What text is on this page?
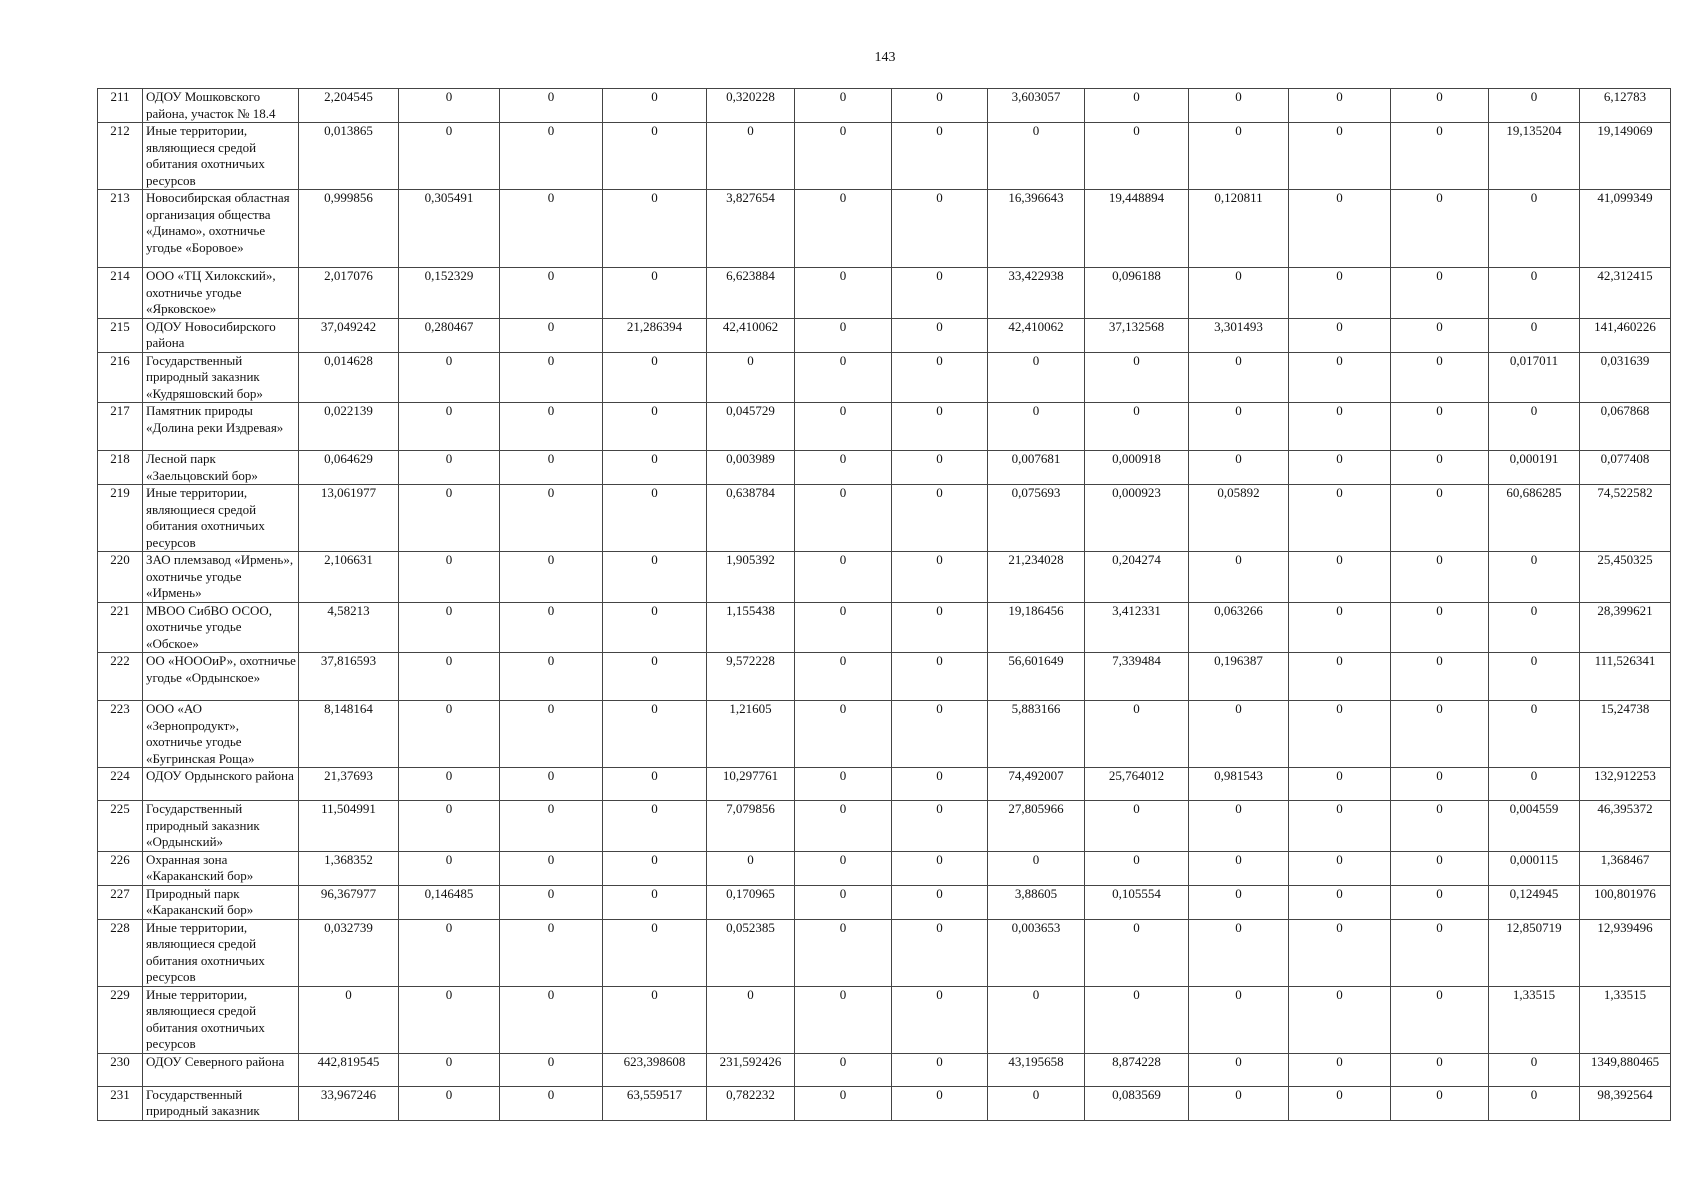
143
211	ОДОУ Мошковского района, участок № 18.4	2,204545	0	0	0	0,320228	0	0	3,603057	0	0	0	0	0	6,12783
212	Иные территории, являющиеся средой обитания охотничьих ресурсов	0,013865	0	0	0	0	0	0	0	0	0	0	0	19,135204	19,149069
213	Новосибирская областная организация общества «Динамо», охотничье угодье «Боровое»	0,999856	0,305491	0	0	3,827654	0	0	16,396643	19,448894	0,120811	0	0	0	41,099349
214	ООО «ТЦ Хилокский», охотничье угодье «Ярковское»	2,017076	0,152329	0	0	6,623884	0	0	33,422938	0,096188	0	0	0	0	42,312415
215	ОДОУ Новосибирского района	37,049242	0,280467	0	21,286394	42,410062	0	0	42,410062	37,132568	3,301493	0	0	0	141,460226
216	Государственный природный заказник «Кудряшовский бор»	0,014628	0	0	0	0	0	0	0	0	0	0	0	0,017011	0,031639
217	Памятник природы «Долина реки Издревая»	0,022139	0	0	0	0,045729	0	0	0	0	0	0	0	0	0,067868
218	Лесной парк «Заельцовский бор»	0,064629	0	0	0	0,003989	0	0	0,007681	0,000918	0	0	0	0,000191	0,077408
219	Иные территории, являющиеся средой обитания охотничьих ресурсов	13,061977	0	0	0	0,638784	0	0	0,075693	0,000923	0,05892	0	0	60,686285	74,522582
220	ЗАО племзавод «Ирмень», охотничье угодье «Ирмень»	2,106631	0	0	0	1,905392	0	0	21,234028	0,204274	0	0	0	0	25,450325
221	МВОО СибВО ОСОО, охотничье угодье «Обское»	4,58213	0	0	0	1,155438	0	0	19,186456	3,412331	0,063266	0	0	0	28,399621
222	ОО «НОООиР», охотничье угодье «Ордынское»	37,816593	0	0	0	9,572228	0	0	56,601649	7,339484	0,196387	0	0	0	111,526341
223	ООО «АО «Зернопродукт», охотничье угодье «Бугринская Роща»	8,148164	0	0	0	1,21605	0	0	5,883166	0	0	0	0	0	15,24738
224	ОДОУ Ордынского района	21,37693	0	0	0	10,297761	0	0	74,492007	25,764012	0,981543	0	0	0	132,912253
225	Государственный природный заказник «Ордынский»	11,504991	0	0	0	7,079856	0	0	27,805966	0	0	0	0	0,004559	46,395372
226	Охранная зона «Караканский бор»	1,368352	0	0	0	0	0	0	0	0	0	0	0	0,000115	1,368467
227	Природный парк «Караканский бор»	96,367977	0,146485	0	0	0,170965	0	0	3,88605	0,105554	0	0	0	0,124945	100,801976
228	Иные территории, являющиеся средой обитания охотничьих ресурсов	0,032739	0	0	0	0,052385	0	0	0,003653	0	0	0	0	12,850719	12,939496
229	Иные территории, являющиеся средой обитания охотничьих ресурсов	0	0	0	0	0	0	0	0	0	0	0	0	1,33515	1,33515
230	ОДОУ Северного района	442,819545	0	0	623,398608	231,592426	0	0	43,195658	8,874228	0	0	0	0	1349,880465
231	Государственный природный заказник	33,967246	0	0	63,559517	0,782232	0	0	0	0,083569	0	0	0	0	98,392564
